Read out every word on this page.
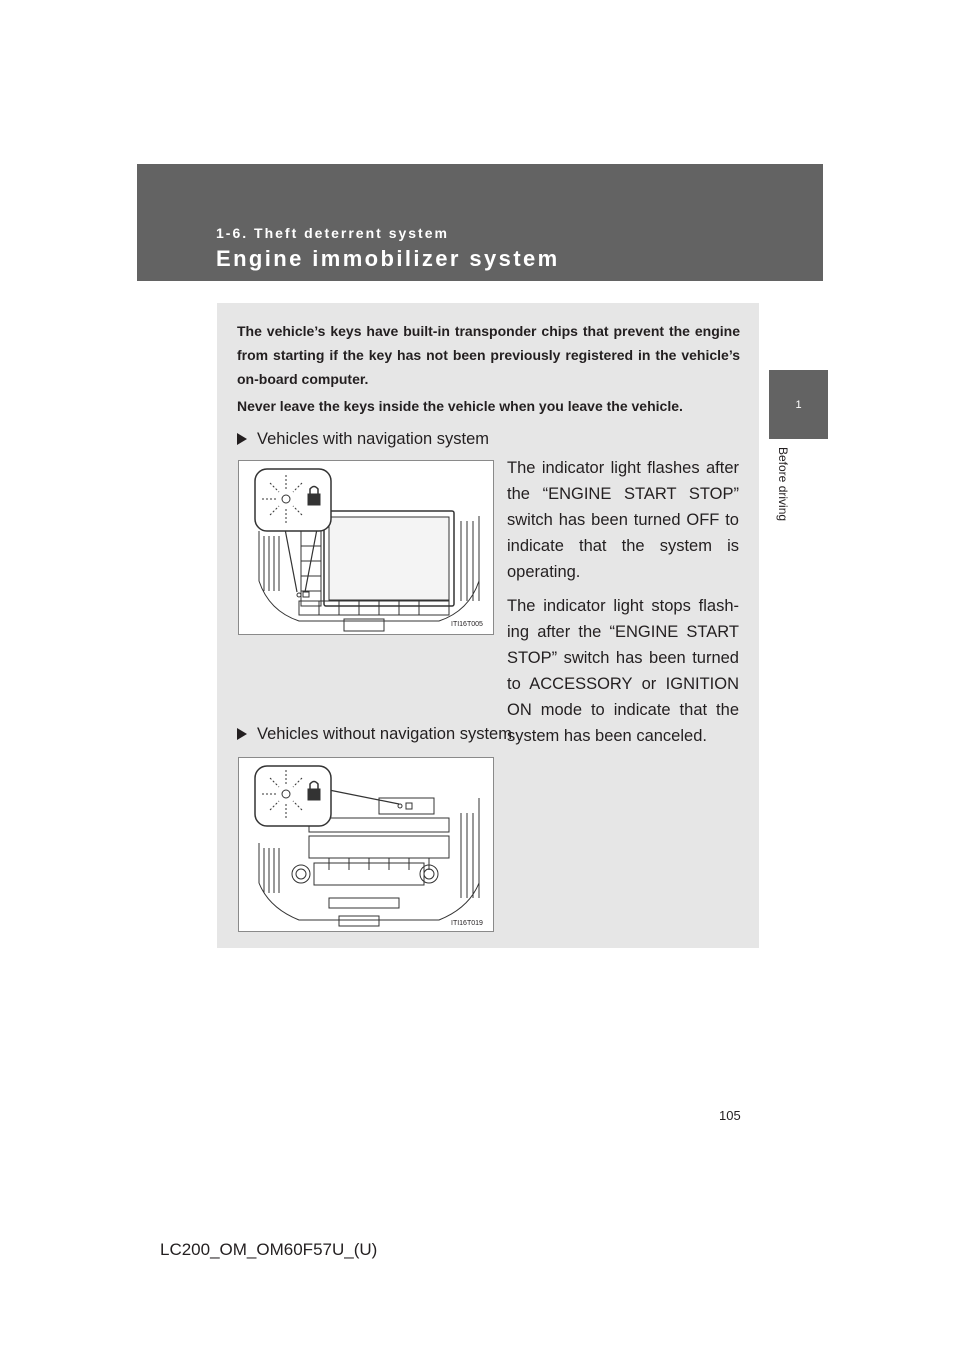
1-6. Theft deterrent system
Engine immobilizer system
1
Before driving

The vehicle’s keys have built-in transponder chips that prevent the engine from starting if the key has not been previously registered in the vehicle’s on-board computer.

Never leave the keys inside the vehicle when you leave the vehicle.

Vehicles with navigation system
ITI16T005

The indicator light flashes after the “ENGINE START STOP” switch has been turned OFF to indicate that the system is operating.

The indicator light stops flash-ing after the “ENGINE START STOP” switch has been turned to ACCESSORY or IGNITION ON mode to indicate that the system has been canceled.

Vehicles without navigation system
ITI16T019
105
LC200_OM_OM60F57U_(U)
